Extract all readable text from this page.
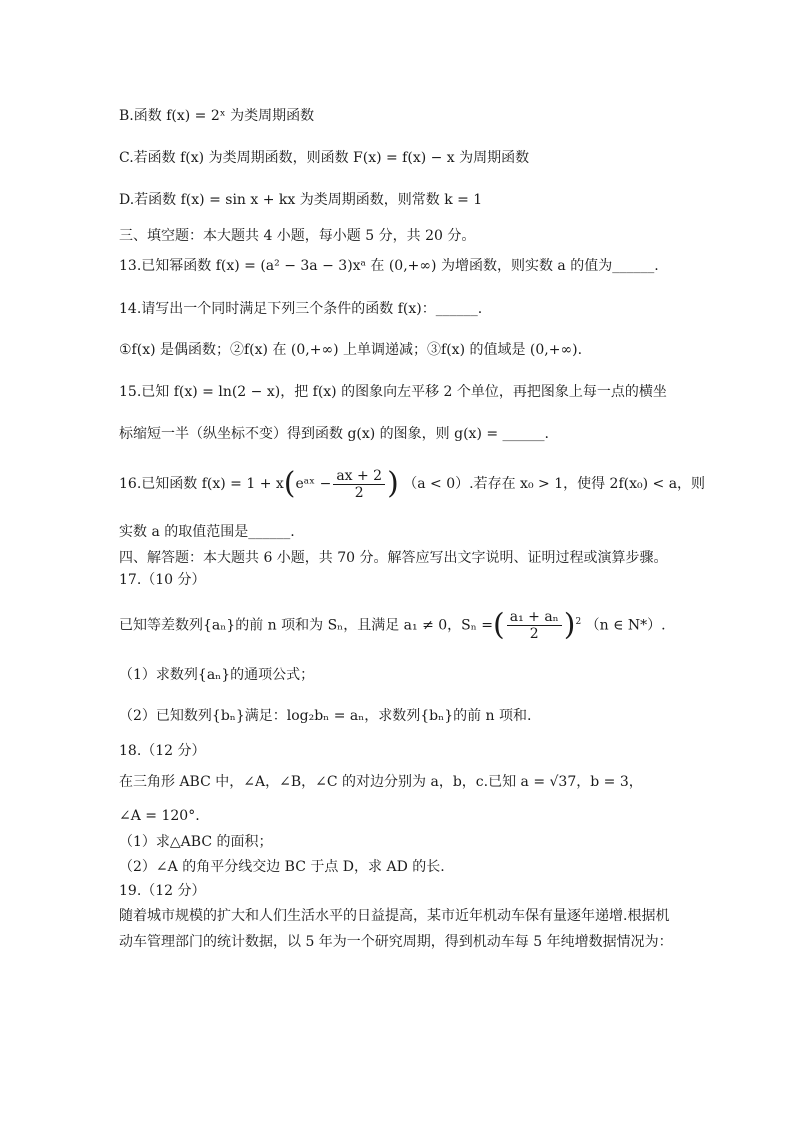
B.函数 f(x) = 2ˣ 为类周期函数
C.若函数 f(x) 为类周期函数，则函数 F(x) = f(x) − x 为周期函数
D.若函数 f(x) = sin x + kx 为类周期函数，则常数 k = 1
三、填空题：本大题共 4 小题，每小题 5 分，共 20 分。
13.已知幂函数 f(x) = (a² − 3a − 3)xᵃ 在 (0,+∞) 为增函数，则实数 a 的值为______.
14.请写出一个同时满足下列三个条件的函数 f(x)：______.
①f(x) 是偶函数；②f(x) 在 (0,+∞) 上单调递减；③f(x) 的值域是 (0,+∞).
15.已知 f(x) = ln(2 − x)，把 f(x) 的图象向左平移 2 个单位，再把图象上每一点的横坐
标缩短一半（纵坐标不变）得到函数 g(x) 的图象，则 g(x) = ______.
16.已知函数 f(x) = 1 + x(eᵃˣ − $\frac{ax + 2}{2}$ ) （a < 0）.若存在 x₀ > 1，使得 2f(x₀) < a，则
实数 a 的取值范围是______.
四、解答题：本大题共 6 小题，共 70 分。解答应写出文字说明、证明过程或演算步骤。
17.（10 分）
已知等差数列{aₙ}的前 n 项和为 Sₙ，且满足 a₁ ≠ 0，Sₙ =( $\frac{\text{a₁ + aₙ}}{2} )^2$ （n ∈ N*）.
（1）求数列{aₙ}的通项公式；
（2）已知数列{bₙ}满足：log₂bₙ = aₙ，求数列{bₙ}的前 n 项和.
18.（12 分）
在三角形 ABC 中，∠A，∠B，∠C 的对边分别为 a，b，c.已知 a = √37，b = 3，
∠A = 120°.
（1）求△ABC 的面积；
（2）∠A 的角平分线交边 BC 于点 D，求 AD 的长.
19.（12 分）
随着城市规模的扩大和人们生活水平的日益提高，某市近年机动车保有量逐年递增.根据机
动车管理部门的统计数据，以 5 年为一个研究周期，得到机动车每 5 年纯增数据情况为：
